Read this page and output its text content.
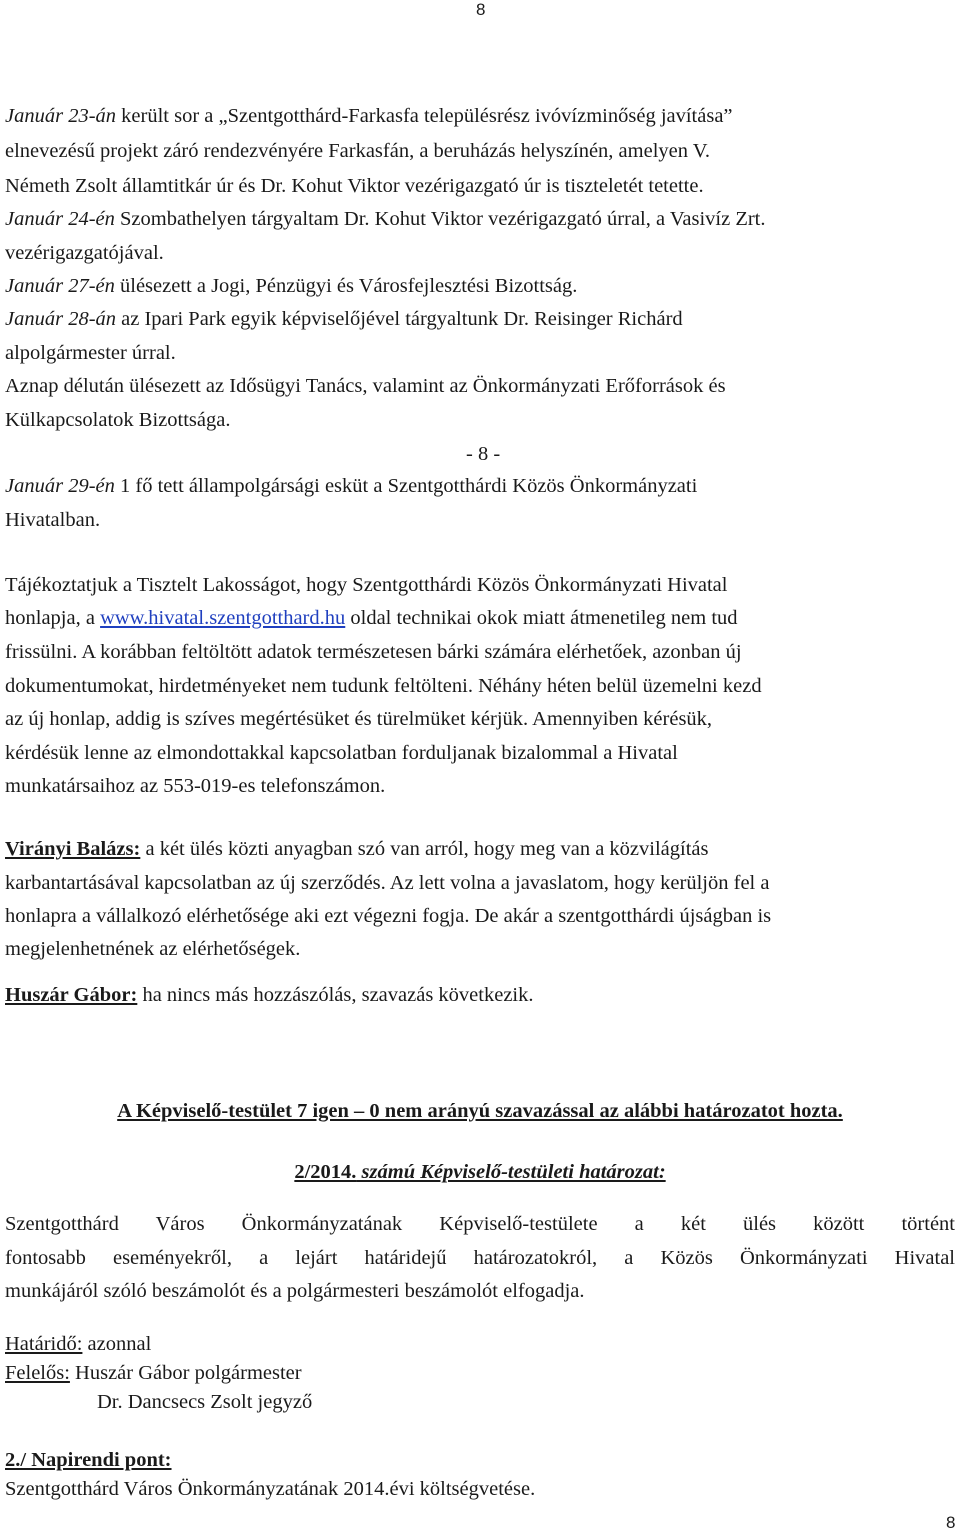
8
Január 23-án került sor a „Szentgotthárd-Farkasfa településrész ivóvízminőség javítása”
elnevezésű projekt záró rendezvényére Farkasfán, a beruházás helyszínén, amelyen V.
Németh Zsolt államtitkár úr és Dr. Kohut Viktor vezérigazgató úr is tiszteletét tetette.
Január 24-én Szombathelyen tárgyaltam Dr. Kohut Viktor vezérigazgató úrral, a Vasivíz Zrt.
vezérigazgatójával.
Január 27-én ülésezett a Jogi, Pénzügyi és Városfejlesztési Bizottság.
Január 28-án az Ipari Park egyik képviselőjével tárgyaltunk Dr. Reisinger Richárd
alpolgármester úrral.
Aznap délután ülésezett az Idősügyi Tanács, valamint az Önkormányzati Erőforrások és
Külkapcsolatok Bizottsága.
- 8 -
Január 29-én 1 fő tett állampolgársági esküt a Szentgotthárdi Közös Önkormányzati
Hivatalban.
Tájékoztatjuk a Tisztelt Lakosságot, hogy Szentgotthárdi Közös Önkormányzati Hivatal
honlapja, a www.hivatal.szentgotthard.hu oldal technikai okok miatt átmenetileg nem tud
frissülni. A korábban feltöltött adatok természetesen bárki számára elérhetőek, azonban új
dokumentumokat, hirdetményeket nem tudunk feltölteni. Néhány héten belül üzemelni kezd
az új honlap, addig is szíves megértésüket és türelmüket kérjük. Amennyiben kérésük,
kérdésük lenne az elmondottakkal kapcsolatban forduljanak bizalommal a Hivatal
munkatársaihoz az 553-019-es telefonszámon.
Virányi Balázs: a két ülés közti anyagban szó van arról, hogy meg van a közvilágítás
karbantartásával kapcsolatban az új szerződés. Az lett volna a javaslatom, hogy kerüljön fel a
honlapra a vállalkozó elérhetősége aki ezt végezni fogja. De akár a szentgotthárdi újságban is
megjelenhetnének az elérhetőségek.
Huszár Gábor: ha nincs más hozzászólás, szavazás következik.
A Képviselő-testület 7 igen – 0 nem arányú szavazással az alábbi határozatot hozta.
2/2014. számú Képviselő-testületi határozat:
Szentgotthárd Város Önkormányzatának Képviselő-testülete a két ülés között történt
fontosabb eseményekről, a lejárt határidejű határozatokról, a Közös Önkormányzati Hivatal
munkájáról szóló beszámolót és a polgármesteri beszámolót elfogadja.
Határidő: azonnal
Felelős: Huszár Gábor polgármester
Dr. Dancsecs Zsolt jegyző
2./ Napirendi pont:
Szentgotthárd Város Önkormányzatának 2014.évi költségvetése.
8
